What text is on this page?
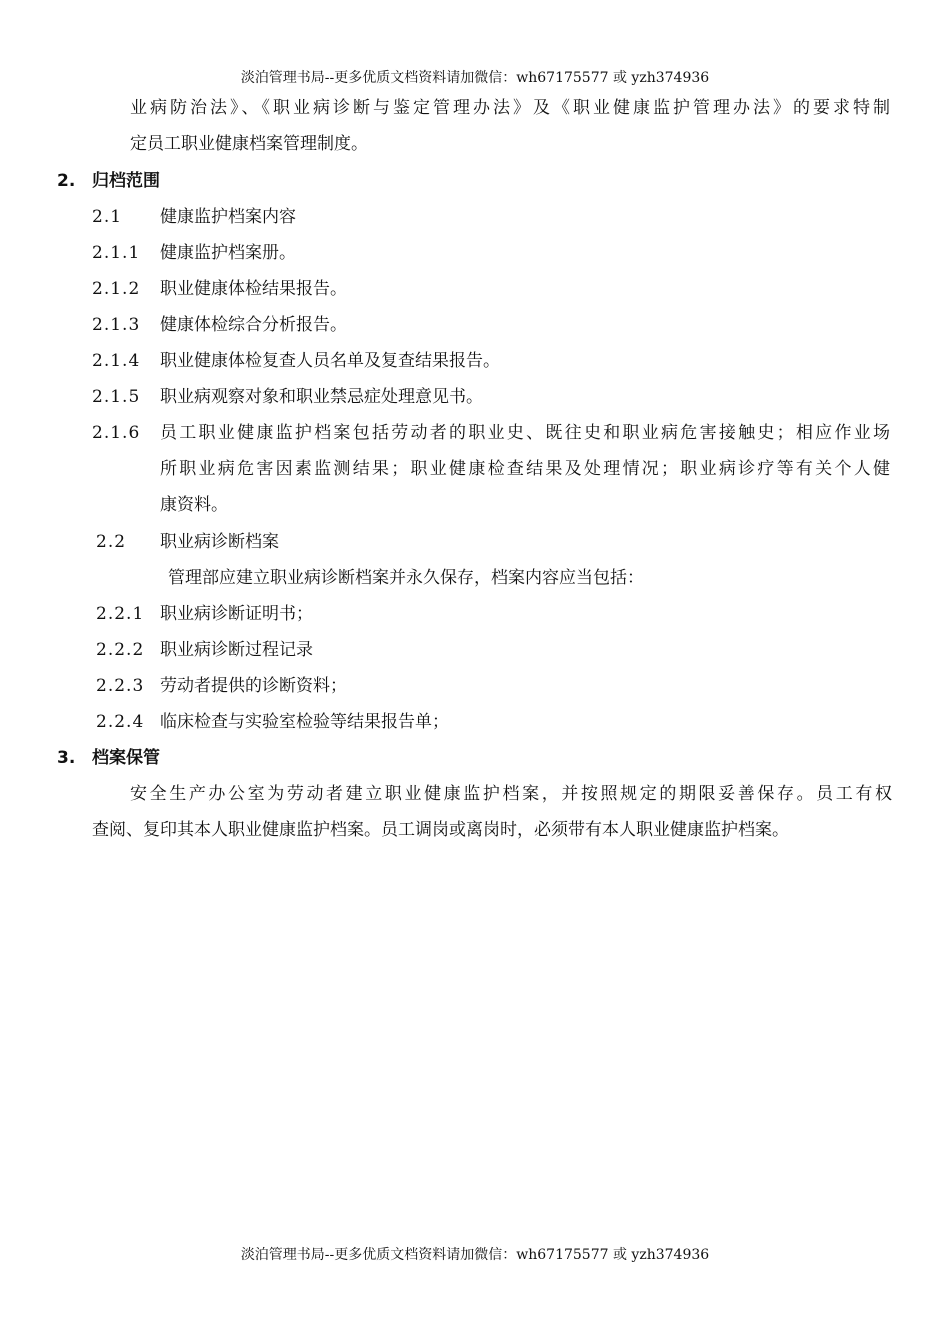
淡泊管理书局--更多优质文档资料请加微信：wh67175577 或 yzh374936
业病防治法》、《职业病诊断与鉴定管理办法》及《职业健康监护管理办法》的要求特制
定员工职业健康档案管理制度。
2. 归档范围
2.1 健康监护档案内容
2.1.1 健康监护档案册。
2.1.2 职业健康体检结果报告。
2.1.3 健康体检综合分析报告。
2.1.4 职业健康体检复查人员名单及复查结果报告。
2.1.5 职业病观察对象和职业禁忌症处理意见书。
2.1.6 员工职业健康监护档案包括劳动者的职业史、既往史和职业病危害接触史；相应作业场
所职业病危害因素监测结果；职业健康检查结果及处理情况；职业病诊疗等有关个人健
康资料。
2.2 职业病诊断档案
管理部应建立职业病诊断档案并永久保存，档案内容应当包括：
2.2.1 职业病诊断证明书；
2.2.2 职业病诊断过程记录
2.2.3 劳动者提供的诊断资料；
2.2.4 临床检查与实验室检验等结果报告单；
3. 档案保管
安全生产办公室为劳动者建立职业健康监护档案，并按照规定的期限妥善保存。员工有权
查阅、复印其本人职业健康监护档案。员工调岗或离岗时，必须带有本人职业健康监护档案。
淡泊管理书局--更多优质文档资料请加微信：wh67175577 或 yzh374936
